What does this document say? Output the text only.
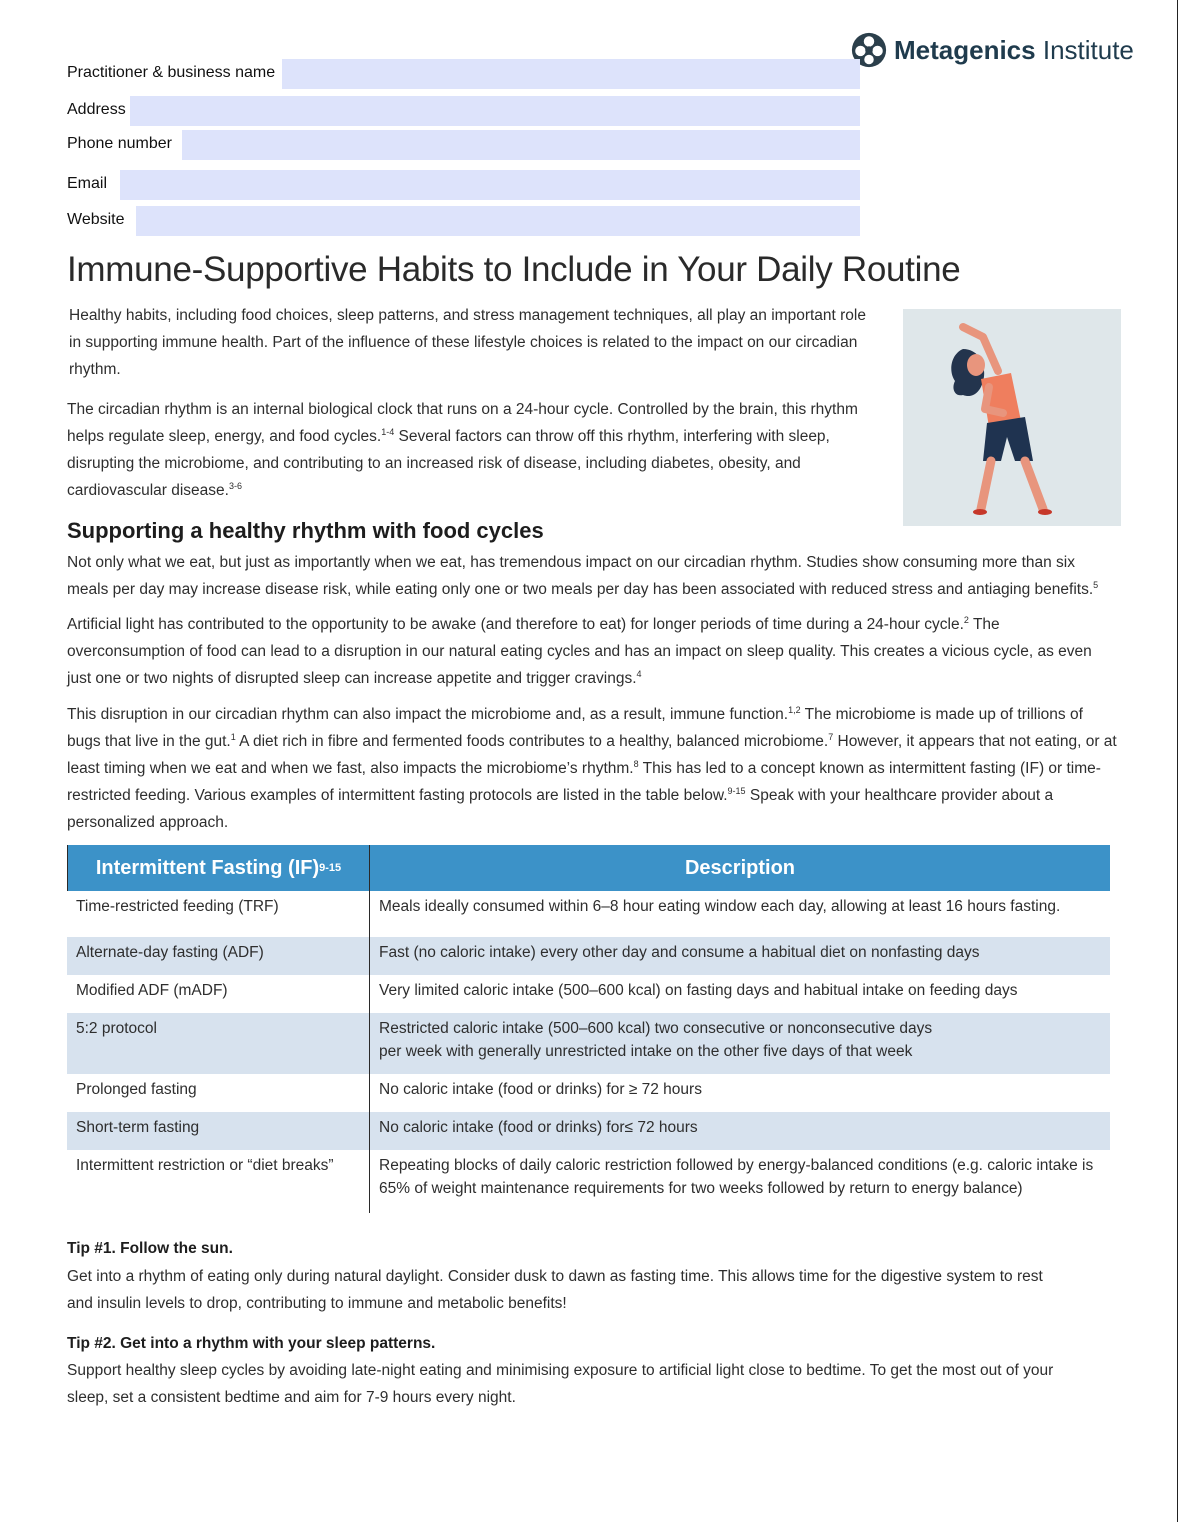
Metagenics Institute
Practitioner & business name
Address
Phone number
Email
Website
Immune-Supportive Habits to Include in Your Daily Routine

Healthy habits, including food choices, sleep patterns, and stress management techniques, all play an important role in supporting immune health. Part of the influence of these lifestyle choices is related to the impact on our circadian rhythm.

The circadian rhythm is an internal biological clock that runs on a 24-hour cycle. Controlled by the brain, this rhythm helps regulate sleep, energy, and food cycles.$^{1-4}$ Several factors can throw off this rhythm, interfering with sleep, disrupting the microbiome, and contributing to an increased risk of disease, including diabetes, obesity, and cardiovascular disease.$^{3-6}$

Supporting a healthy rhythm with food cycles

Not only what we eat, but just as importantly when we eat, has tremendous impact on our circadian rhythm. Studies show consuming more than six meals per day may increase disease risk, while eating only one or two meals per day has been associated with reduced stress and antiaging benefits.$^5$

Artificial light has contributed to the opportunity to be awake (and therefore to eat) for longer periods of time during a 24-hour cycle.$^2$ The overconsumption of food can lead to a disruption in our natural eating cycles and has an impact on sleep quality. This creates a vicious cycle, as even just one or two nights of disrupted sleep can increase appetite and trigger cravings.$^4$

This disruption in our circadian rhythm can also impact the microbiome and, as a result, immune function.$^{1,2}$ The microbiome is made up of trillions of bugs that live in the gut.$^1$ A diet rich in fibre and fermented foods contributes to a healthy, balanced microbiome.$^7$ However, it appears that not eating, or at least timing when we eat and when we fast, also impacts the microbiome’s rhythm.$^8$ This has led to a concept known as intermittent fasting (IF) or time-restricted feeding. Various examples of intermittent fasting protocols are listed in the table below.$^{9-15}$ Speak with your healthcare provider about a personalized approach.

Intermittent Fasting (IF) 9-15	Description
Time-restricted feeding (TRF)	Meals ideally consumed within 6–8 hour eating window each day, allowing at least 16 hours fasting.
Alternate-day fasting (ADF)	Fast (no caloric intake) every other day and consume a habitual diet on nonfasting days
Modified ADF (mADF)	Very limited caloric intake (500–600 kcal) on fasting days and habitual intake on feeding days
5:2 protocol	Restricted caloric intake (500–600 kcal) two consecutive or nonconsecutive days
per week with generally unrestricted intake on the other five days of that week
Prolonged fasting	No caloric intake (food or drinks) for ≥ 72 hours
Short-term fasting	No caloric intake (food or drinks) for≤ 72 hours
Intermittent restriction or “diet breaks”	Repeating blocks of daily caloric restriction followed by energy-balanced conditions (e.g. caloric intake is 65% of weight maintenance requirements for two weeks followed by return to energy balance)

Tip #1. Follow the sun.

Get into a rhythm of eating only during natural daylight. Consider dusk to dawn as fasting time. This allows time for the digestive system to rest and insulin levels to drop, contributing to immune and metabolic benefits!

Tip #2. Get into a rhythm with your sleep patterns.

Support healthy sleep cycles by avoiding late-night eating and minimising exposure to artificial light close to bedtime. To get the most out of your sleep, set a consistent bedtime and aim for 7-9 hours every night.
